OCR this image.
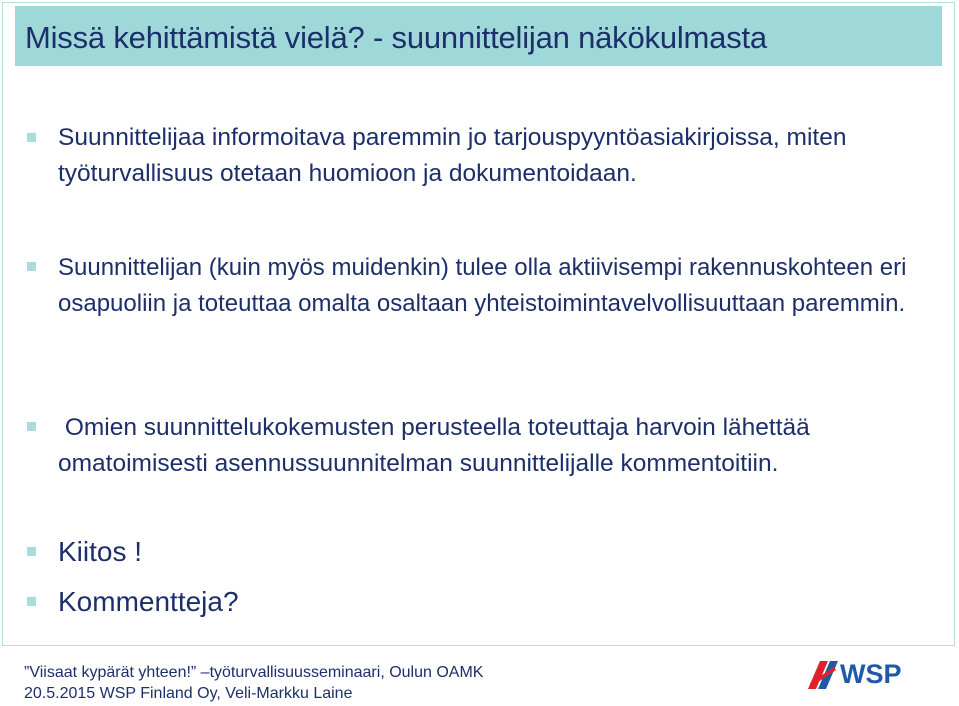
Missä kehittämistä vielä? - suunnittelijan näkökulmasta
Suunnittelijaa informoitava paremmin jo tarjouspyyntöasiakirjoissa, miten työturvallisuus otetaan huomioon ja dokumentoidaan.
Suunnittelijan (kuin myös muidenkin) tulee olla aktiivisempi rakennuskohteen eri osapuoliin ja toteuttaa omalta osaltaan yhteistoimintavelvollisuuttaan paremmin.
Omien suunnittelukokemusten perusteella toteuttaja harvoin lähettää omatoimisesti asennussuunnitelman suunnittelijalle kommentoitiin.
Kiitos !
Kommentteja?
”Viisaat kypärät yhteen!” –työturvallisuusseminaari, Oulun OAMK
20.5.2015 WSP Finland Oy, Veli-Markku Laine
WSP
